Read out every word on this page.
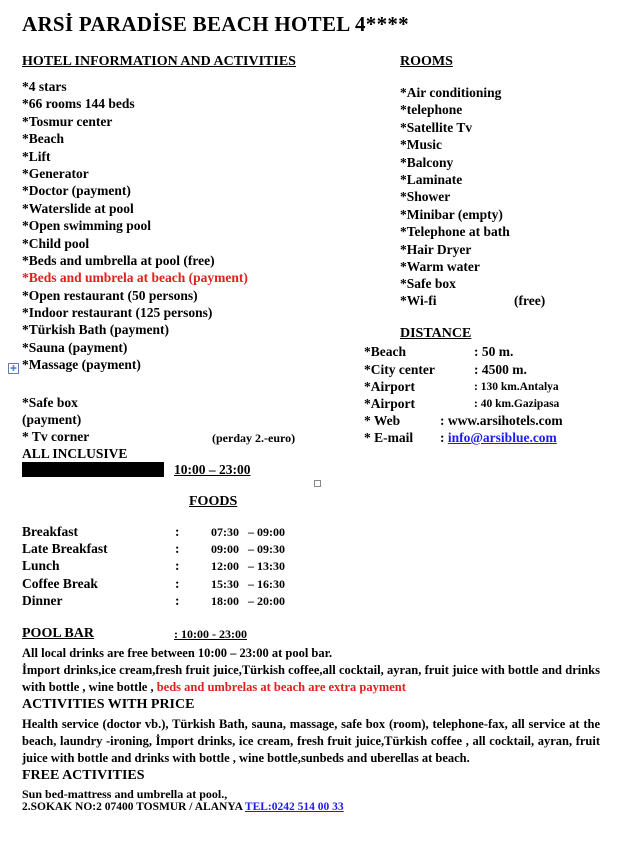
ARSİ PARADİSE BEACH HOTEL 4****
HOTEL INFORMATION AND ACTIVITIES
*4 stars
*66 rooms 144 beds
*Tosmur center
*Beach
*Lift
*Generator
*Doctor (payment)
*Waterslide at pool
*Open swimming pool
*Child pool
*Beds and umbrella at pool (free)
*Beds and umbrela at beach (payment)
*Open restaurant (50 persons)
*Indoor restaurant (125 persons)
*Türkish Bath (payment)
*Sauna (payment)
*Massage (payment)
✚
*Safe box
(payment)
* Tv corner	(perday 2.-euro)
ROOMS
*Air conditioning
*telephone
*Satellite Tv
*Music
*Balcony
*Laminate
*Shower
*Minibar (empty)
*Telephone at bath
*Hair Dryer
*Warm water
*Safe box
*Wi-fi	(free)
DISTANCE
*Beach	: 50 m.
*City center	: 4500 m.
*Airport	: 130 km.Antalya
*Airport	: 40 km.Gazipasa
* Web	: www.arsihotels.com
* E-mail : info@arsiblue.com
ALL INCLUSIVE
10:00 – 23:00
FOODS
Breakfast	:	07:30 – 09:00
Late Breakfast	:	09:00 – 09:30
Lunch	:	12:00 – 13:30
Coffee Break	:	15:30 – 16:30
Dinner	:	18:00 – 20:00
POOL BAR	: 10:00 - 23:00
All local drinks are free between 10:00 – 23:00 at pool bar.
İmport drinks,ice cream,fresh fruit juice,Türkish coffee,all cocktail, ayran, fruit juice with bottle and drinks with bottle , wine bottle , beds and umbrelas at beach are extra payment
ACTIVITIES WITH PRICE
Health service (doctor vb.), Türkish Bath, sauna, massage, safe box (room), telephone-fax, all service at the beach, laundry -ironing, İmport drinks, ice cream, fresh fruit juice,Türkish coffee , all cocktail, ayran, fruit juice with bottle and drinks with bottle , wine bottle,sunbeds and uberellas at beach.
FREE ACTIVITIES
Sun bed-mattress and umbrella at pool.,
2.SOKAK NO:2 07400 TOSMUR / ALANYA TEL:0242 514 00 33
